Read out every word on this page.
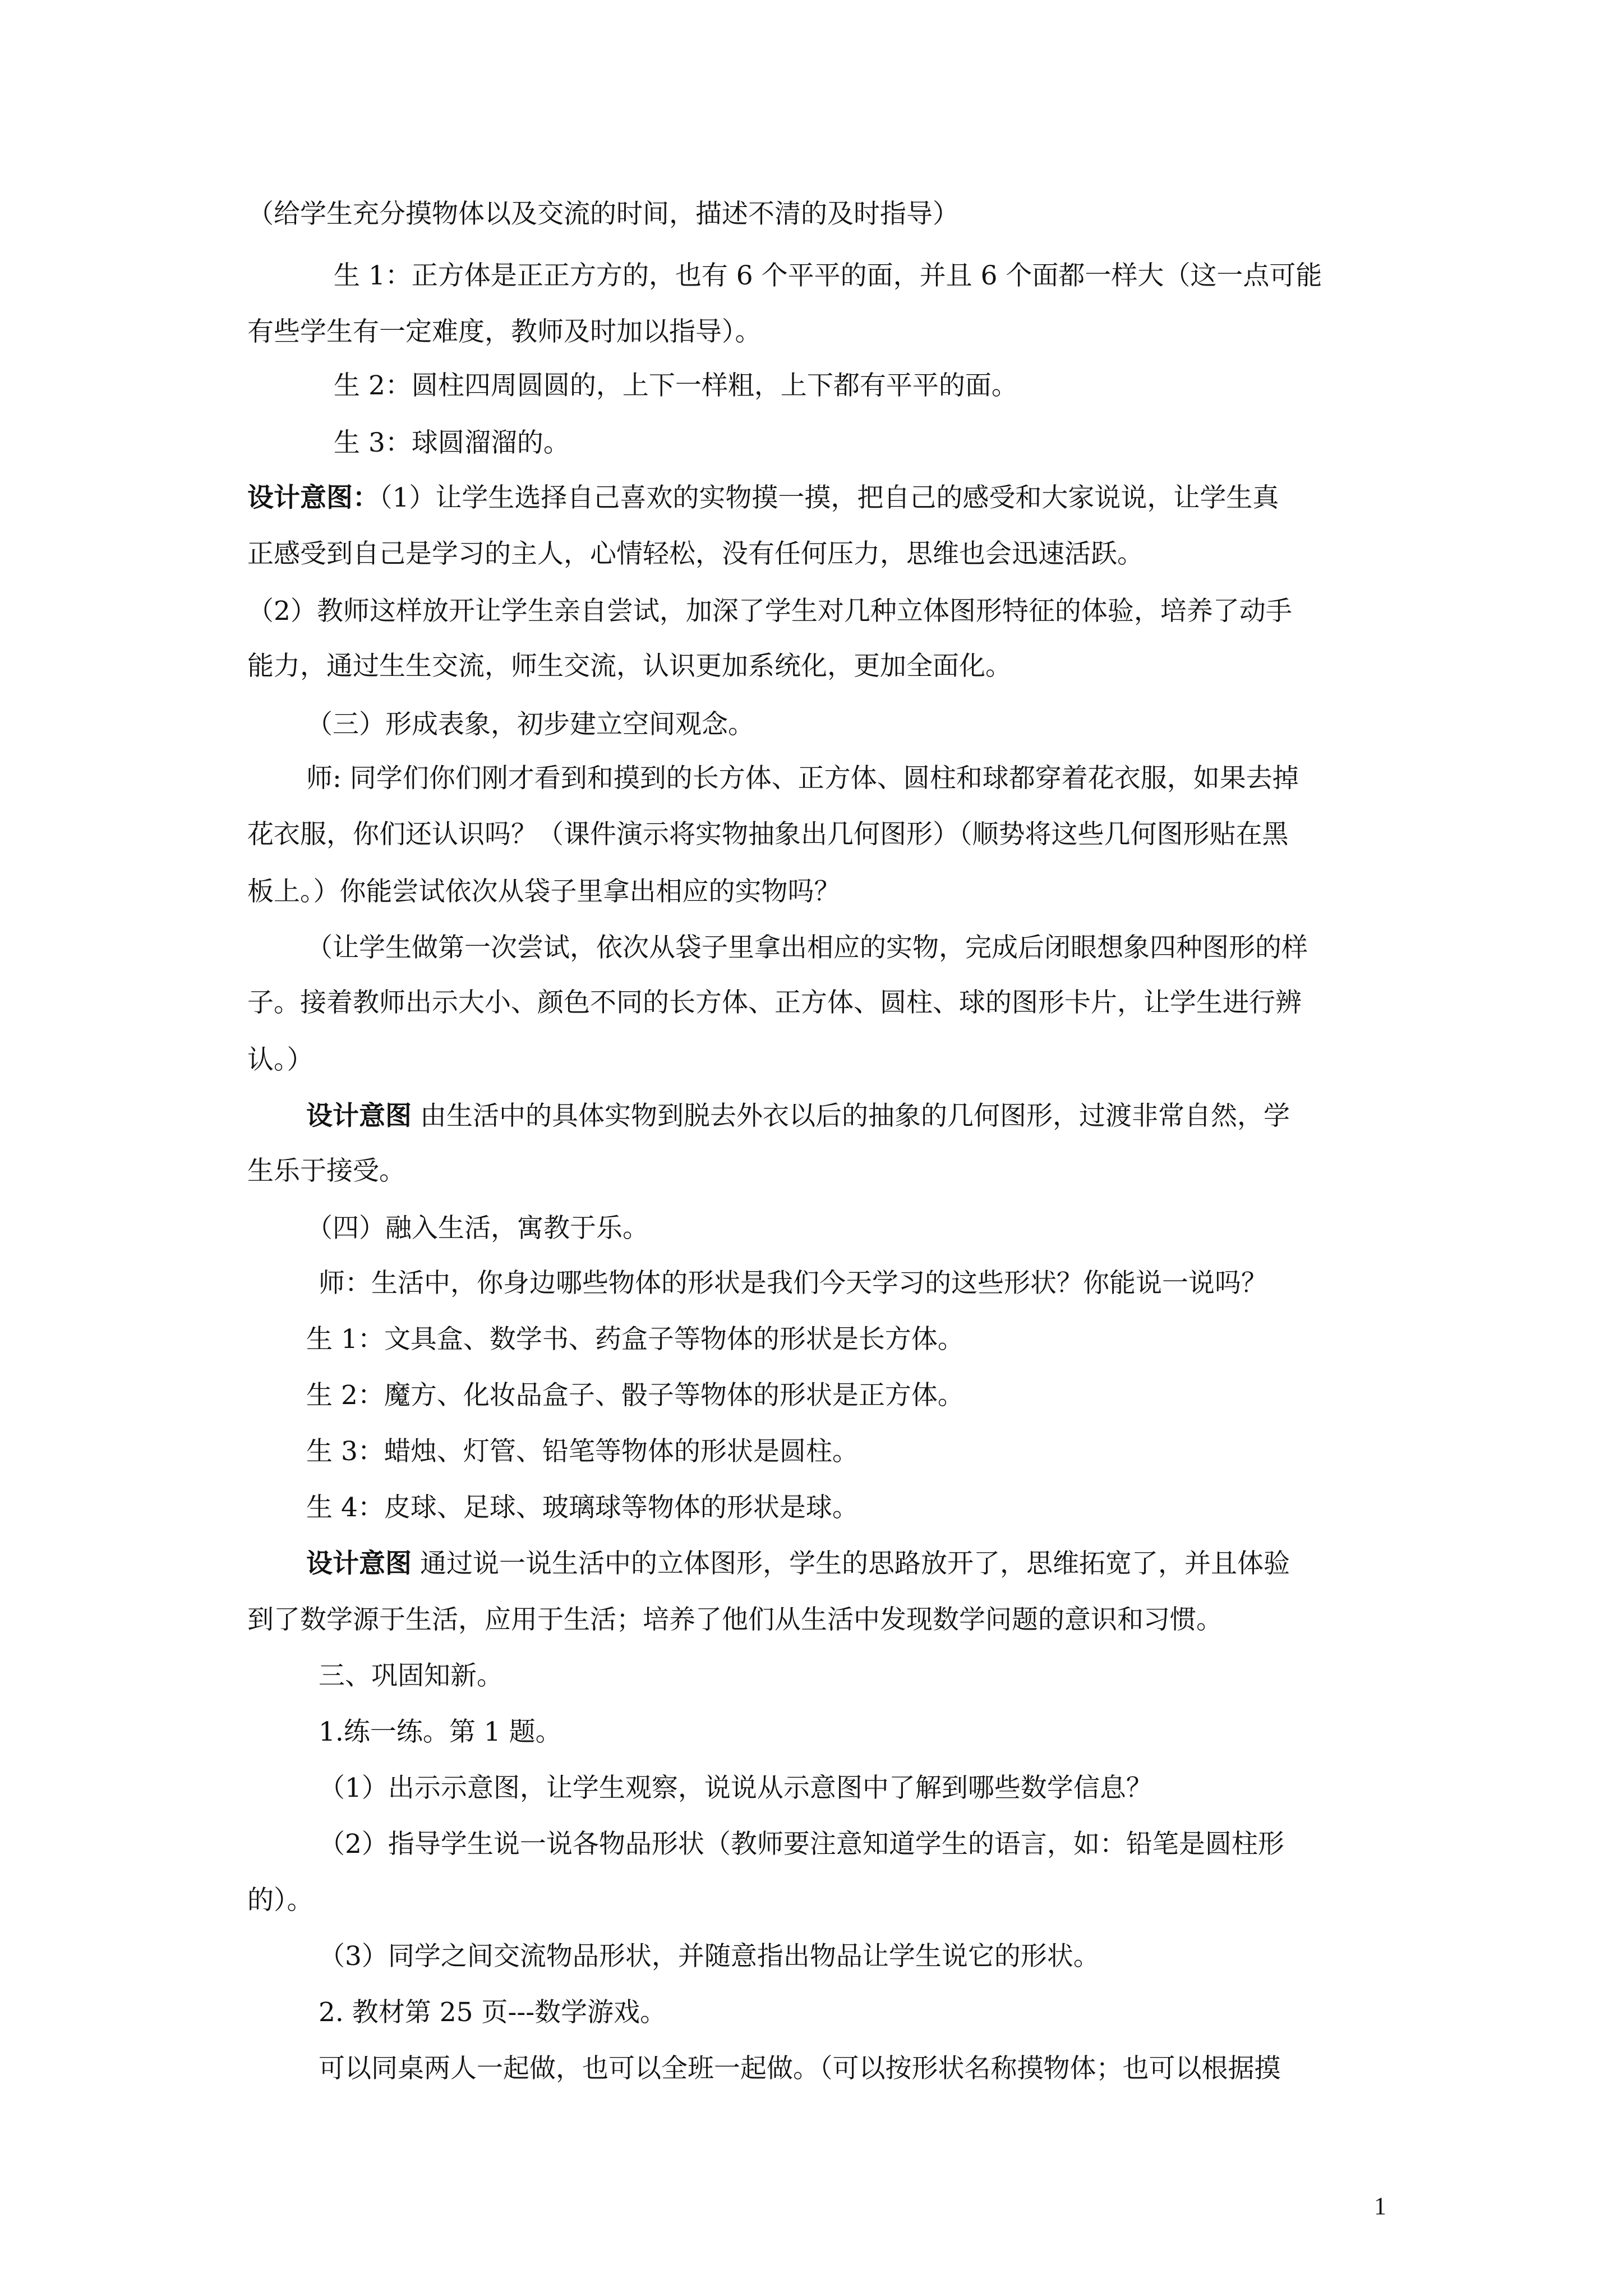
（给学生充分摸物体以及交流的时间，描述不清的及时指导）
生 1：正方体是正正方方的，也有 6 个平平的面，并且 6 个面都一样大（这一点可能
有些学生有一定难度，教师及时加以指导）。
生 2：圆柱四周圆圆的，上下一样粗，上下都有平平的面。
生 3：球圆溜溜的。
设计意图：（1）让学生选择自己喜欢的实物摸一摸，把自己的感受和大家说说，让学生真
正感受到自己是学习的主人，心情轻松，没有任何压力，思维也会迅速活跃。
（2）教师这样放开让学生亲自尝试，加深了学生对几种立体图形特征的体验，培养了动手
能力，通过生生交流，师生交流，认识更加系统化，更加全面化。
（三）形成表象，初步建立空间观念。
师: 同学们你们刚才看到和摸到的长方体、正方体、圆柱和球都穿着花衣服，如果去掉
花衣服，你们还认识吗？（课件演示将实物抽象出几何图形）（顺势将这些几何图形贴在黑
板上。）你能尝试依次从袋子里拿出相应的实物吗？
（让学生做第一次尝试，依次从袋子里拿出相应的实物，完成后闭眼想象四种图形的样
子。接着教师出示大小、颜色不同的长方体、正方体、圆柱、球的图形卡片，让学生进行辨
认。）
设计意图 由生活中的具体实物到脱去外衣以后的抽象的几何图形，过渡非常自然，学
生乐于接受。
（四）融入生活，寓教于乐。
师：生活中，你身边哪些物体的形状是我们今天学习的这些形状？你能说一说吗？
生 1：文具盒、数学书、药盒子等物体的形状是长方体。
生 2：魔方、化妆品盒子、骰子等物体的形状是正方体。
生 3：蜡烛、灯管、铅笔等物体的形状是圆柱。
生 4：皮球、足球、玻璃球等物体的形状是球。
设计意图 通过说一说生活中的立体图形，学生的思路放开了，思维拓宽了，并且体验
到了数学源于生活，应用于生活；培养了他们从生活中发现数学问题的意识和习惯。
三、巩固知新。
1.练一练。第 1 题。
（1）出示示意图，让学生观察，说说从示意图中了解到哪些数学信息？
（2）指导学生说一说各物品形状（教师要注意知道学生的语言，如：铅笔是圆柱形
的）。
（3）同学之间交流物品形状，并随意指出物品让学生说它的形状。
2. 教材第 25 页---数学游戏。
可以同桌两人一起做，也可以全班一起做。（可以按形状名称摸物体；也可以根据摸
1
